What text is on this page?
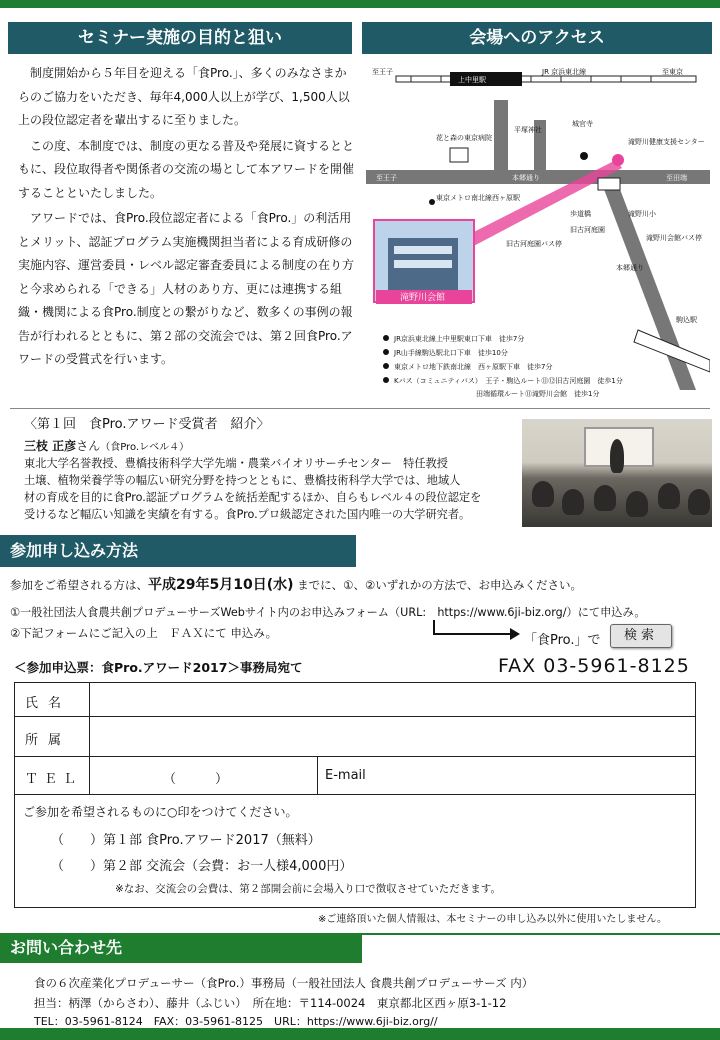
セミナー実施の目的と狙い	会場へのアクセス

制度開始から５年目を迎える「食Pro.」、多くのみなさまからのご協力をいただき、毎年4,000人以上が学び、1,500人以上の段位認定者を輩出するに至りました。

この度、本制度では、制度の更なる普及や発展に資するとともに、段位取得者や関係者の交流の場として本アワードを開催することといたしました。

アワードでは、食Pro.段位認定者による「食Pro.」の利活用とメリット、認証プログラム実施機関担当者による育成研修の実施内容、運営委員・レベル認定審査委員による制度の在り方と今求められる「できる」人材のあり方、更には連携する組織・機関による食Pro.制度との繋がりなど、数多くの事例の報告が行われるとともに、第２部の交流会では、第２回食Pro.アワードの受賞式を行います。

至王子
上中里駅
JR 京浜東北線	至東京
平塚神社
城官寺
花と森の東京病院	滝野川健康支援センター
至王子	本郷通り	至田端
東京メトロ南北線西ヶ原駅
歩道橋
旧古河庭園
滝野川小
旧古河庭園バス停
滝野川会館バス停
本郷通り
駒込駅
滝野川会館
JR京浜東北線上中里駅東口下車　徒歩7分
JR山手線駒込駅北口下車　徒歩10分
東京メトロ地下鉄南北線　西ヶ原駅下車　徒歩7分
Kバス（コミュニティバス）　王子・駒込ルート⑪⑫旧古河庭園　徒歩1分
田端循環ルート⑪滝野川会館　徒歩1分
〈第１回　食Pro.アワード受賞者　紹介〉
三枝 正彦さん（食Pro.レベル４）
東北大学名誉教授、豊橋技術科学大学先端・農業バイオリサーチセンター　特任教授
土壌、植物栄養学等の幅広い研究分野を持つとともに、豊橋技術科学大学では、地域人
材の育成を目的に食Pro.認証プログラムを統括差配するほか、自らもレベル４の段位認定を
受けるなど幅広い知識を実績を有する。食Pro.プロ級認定された国内唯一の大学研究者。
参加申し込み方法
参加をご希望される方は、平成29年5月10日(水) までに、①、②いずれかの方法で、お申込みください。
①一般社団法人食農共創プロデューサーズWebサイト内のお申込みフォーム（URL:　https://www.6ji-biz.org/）にて申込み。
②下記フォームにご記入の上　ＦＡＸにて 申込み。	「食Pro.」で	検索
＜参加申込票：食Pro.アワード2017＞事務局宛て	FAX 03-5961-8125
氏名
所属
ＴＥＬ	（　　　）	E-mail
ご参加を希望されるものに○印をつけてください。
（　　）第１部 食Pro.アワード2017（無料）
（　　）第２部 交流会（会費：お一人様4,000円）
※なお、交流会の会費は、第２部開会前に会場入り口で徴収させていただきます。
※ご連絡頂いた個人情報は、本セミナーの申し込み以外に使用いたしません。
お問い合わせ先
食の６次産業化プロデューサー（食Pro.）事務局（一般社団法人 食農共創プロデューサーズ 内）
担当：柄澤（からさわ）、藤井（ふじい）　所在地：〒114-0024　東京都北区西ヶ原3-1-12
TEL：03-5961-8124　FAX：03-5961-8125　URL：https://www.6ji-biz.org//
